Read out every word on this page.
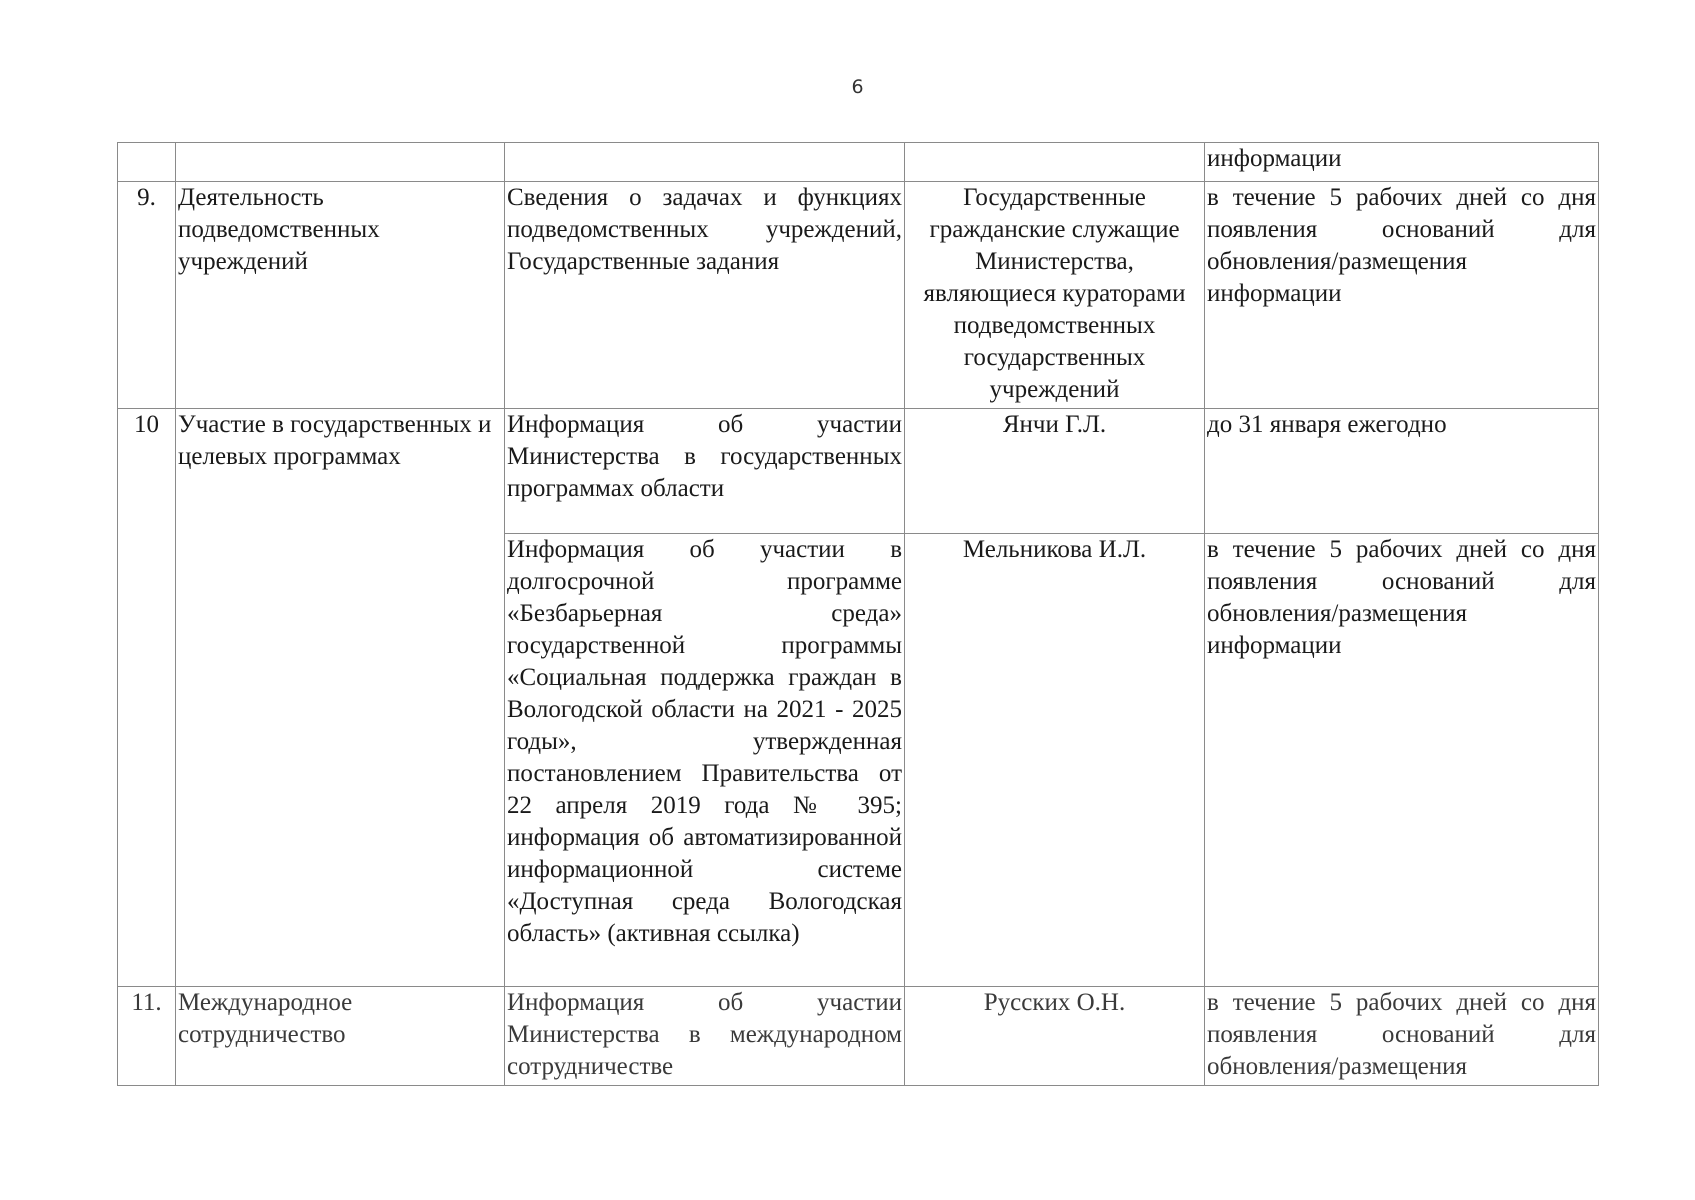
6
				информации
9.	Деятельность подведомственных учреждений	Сведения о задачах и функциях подведомственных учреждений, Государственные задания	Государственные гражданские служащие Министерства, являющиеся кураторами подведомственных государственных учреждений	в течение 5 рабочих дней со дня появления оснований для обновления/размещения информации
10	Участие в государственных и целевых программах	Информация об участии Министерства в государственных программах области	Янчи Г.Л.	до 31 января ежегодно
		Информация об участии в долгосрочной программе «Безбарьерная среда» государственной программы «Социальная поддержка граждан в Вологодской области на 2021 - 2025 годы», утвержденная постановлением Правительства от 22 апреля 2019 года № 395; информация об автоматизированной информационной системе «Доступная среда Вологодская область» (активная ссылка)	Мельникова И.Л.	в течение 5 рабочих дней со дня появления оснований для обновления/размещения информации
11.	Международное сотрудничество	Информация об участии Министерства в международном сотрудничестве	Русских О.Н.	в течение 5 рабочих дней со дня появления оснований для обновления/размещения
